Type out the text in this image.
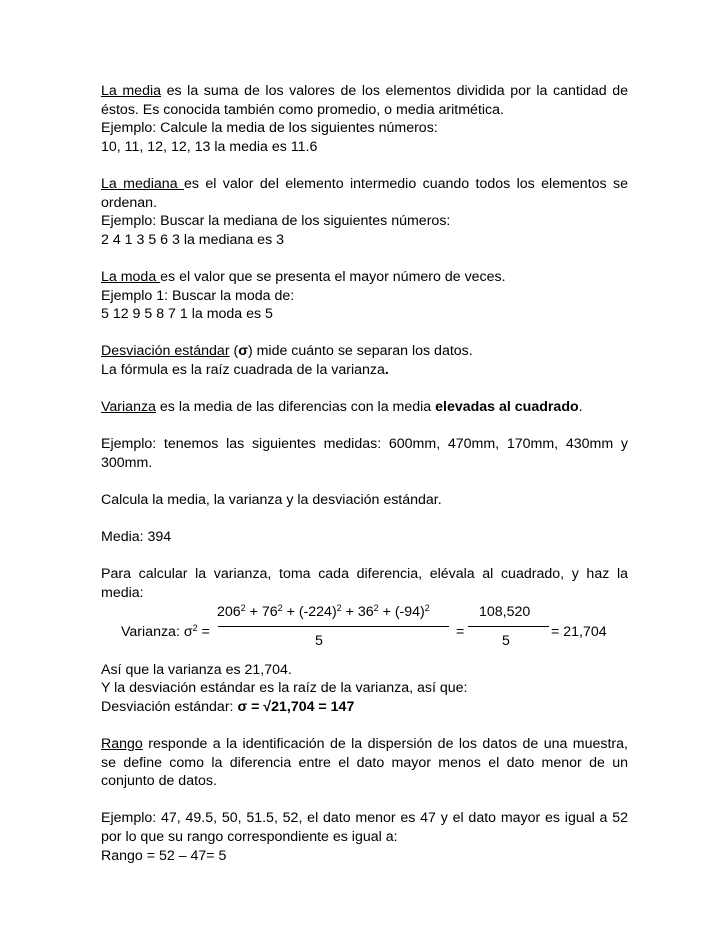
La media es la suma de los valores de los elementos dividida por la cantidad de
éstos. Es conocida también como promedio, o media aritmética.
Ejemplo: Calcule la media de los siguientes números:
10, 11, 12, 12, 13 la media es 11.6
La mediana es el valor del elemento intermedio cuando todos los elementos se
ordenan.
Ejemplo: Buscar la mediana de los siguientes números:
2 4 1 3 5 6 3 la mediana es 3
La moda es el valor que se presenta el mayor número de veces.
Ejemplo 1: Buscar la moda de:
5 12 9 5 8 7 1 la moda es 5
Desviación estándar (σ) mide cuánto se separan los datos.
La fórmula es la raíz cuadrada de la varianza.
Varianza es la media de las diferencias con la media elevadas al cuadrado.
Ejemplo: tenemos las siguientes medidas: 600mm, 470mm, 170mm, 430mm y
300mm.
Calcula la media, la varianza y la desviación estándar.
Media: 394
Para calcular la varianza, toma cada diferencia, elévala al cuadrado, y haz la
media:
Varianza: $\sigma^2$ =
$206^2 + 76^2 + (-224)^2 + 36^2 + (-94)^2$
5
=
108,520
5
= 21,704
Así que la varianza es 21,704.
Y la desviación estándar es la raíz de la varianza, así que:
Desviación estándar: σ = √21,704 = 147
Rango responde a la identificación de la dispersión de los datos de una muestra,
se define como la diferencia entre el dato mayor menos el dato menor de un
conjunto de datos.
Ejemplo: 47, 49.5, 50, 51.5, 52, el dato menor es 47 y el dato mayor es igual a 52
por lo que su rango correspondiente es igual a:
Rango = 52 – 47= 5
